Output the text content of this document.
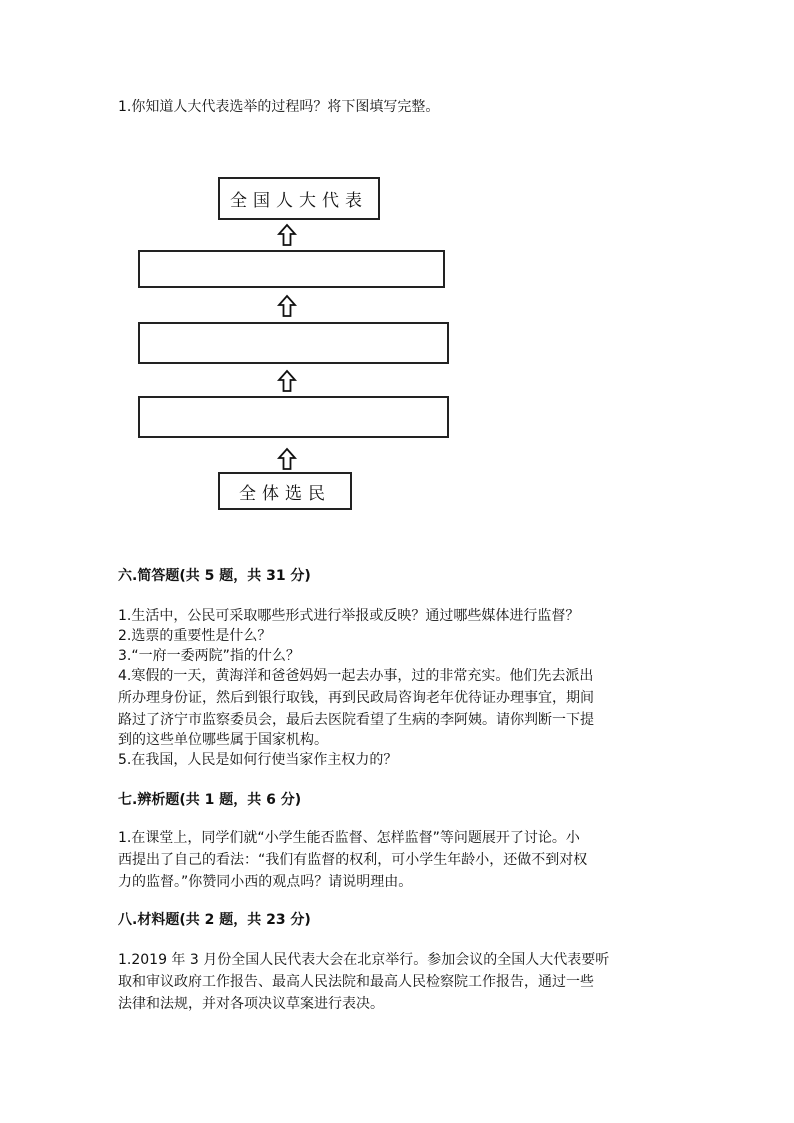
1.你知道人大代表选举的过程吗？将下图填写完整。
全国人大代表
全体选民
六.简答题(共 5 题，共 31 分)
1.生活中，公民可采取哪些形式进行举报或反映？通过哪些媒体进行监督？
2.选票的重要性是什么？
3.“一府一委两院”指的什么？
4.寒假的一天，黄海洋和爸爸妈妈一起去办事，过的非常充实。他们先去派出
所办理身份证，然后到银行取钱，再到民政局咨询老年优待证办理事宜，期间
路过了济宁市监察委员会，最后去医院看望了生病的李阿姨。请你判断一下提
到的这些单位哪些属于国家机构。
5.在我国，人民是如何行使当家作主权力的？
七.辨析题(共 1 题，共 6 分)
1.在课堂上，同学们就“小学生能否监督、怎样监督”等问题展开了讨论。小
西提出了自己的看法：“我们有监督的权利，可小学生年龄小，还做不到对权
力的监督。”你赞同小西的观点吗？请说明理由。
八.材料题(共 2 题，共 23 分)
1.2019 年 3 月份全国人民代表大会在北京举行。参加会议的全国人大代表要听
取和审议政府工作报告、最高人民法院和最高人民检察院工作报告，通过一些
法律和法规，并对各项决议草案进行表决。
